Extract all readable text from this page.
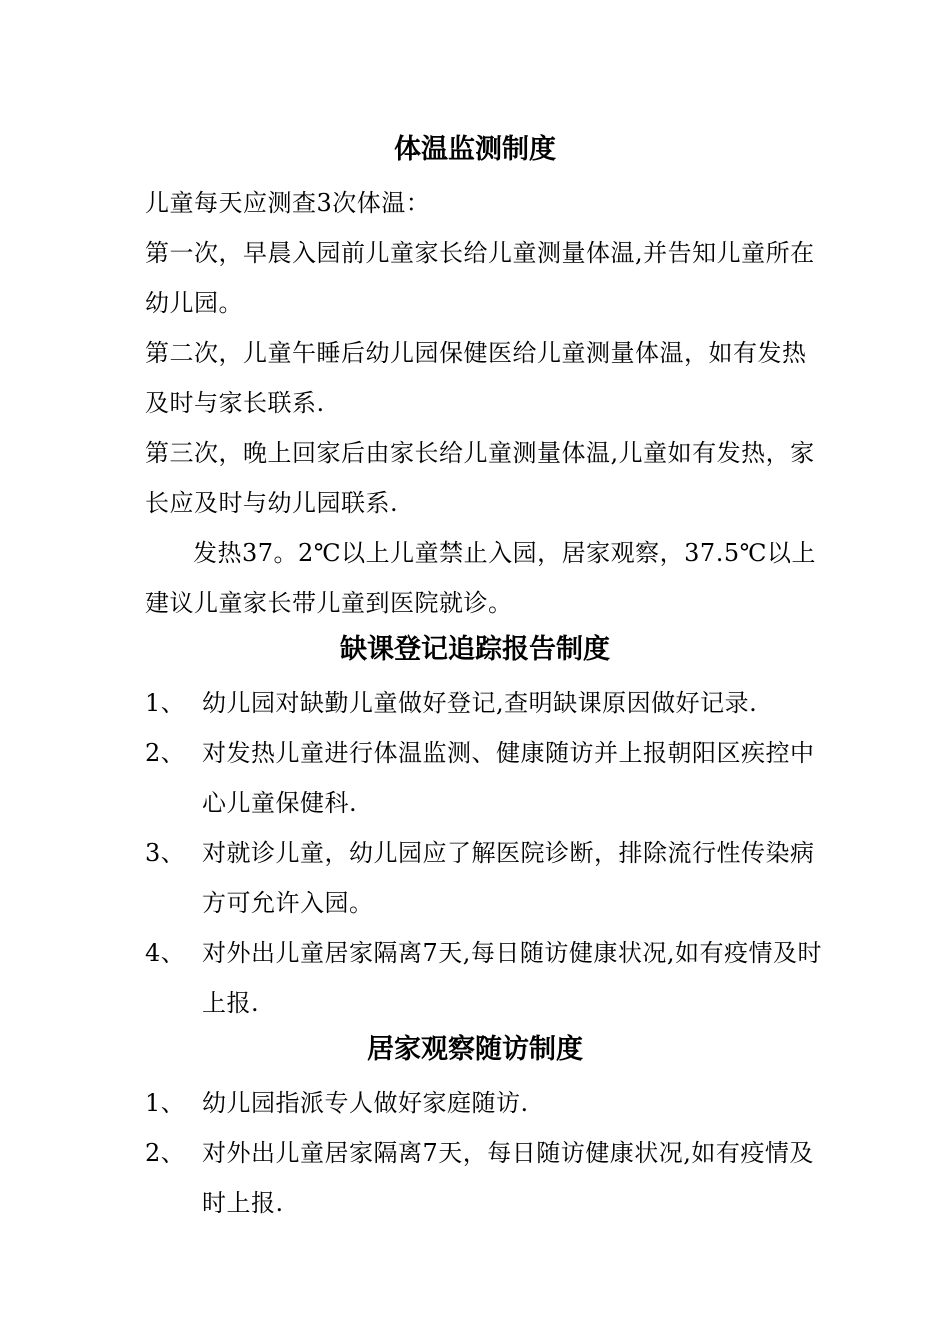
体温监测制度
儿童每天应测查3次体温：
第一次，早晨入园前儿童家长给儿童测量体温,并告知儿童所在幼儿园。
第二次，儿童午睡后幼儿园保健医给儿童测量体温，如有发热及时与家长联系.
第三次，晚上回家后由家长给儿童测量体温,儿童如有发热，家长应及时与幼儿园联系.
发热37。2℃以上儿童禁止入园，居家观察，37.5℃以上建议儿童家长带儿童到医院就诊。
缺课登记追踪报告制度
1、 幼儿园对缺勤儿童做好登记,查明缺课原因做好记录.
2、 对发热儿童进行体温监测、健康随访并上报朝阳区疾控中心儿童保健科.
3、 对就诊儿童，幼儿园应了解医院诊断，排除流行性传染病方可允许入园。
4、 对外出儿童居家隔离7天,每日随访健康状况,如有疫情及时上报.
居家观察随访制度
1、 幼儿园指派专人做好家庭随访.
2、 对外出儿童居家隔离7天，每日随访健康状况,如有疫情及时上报.
